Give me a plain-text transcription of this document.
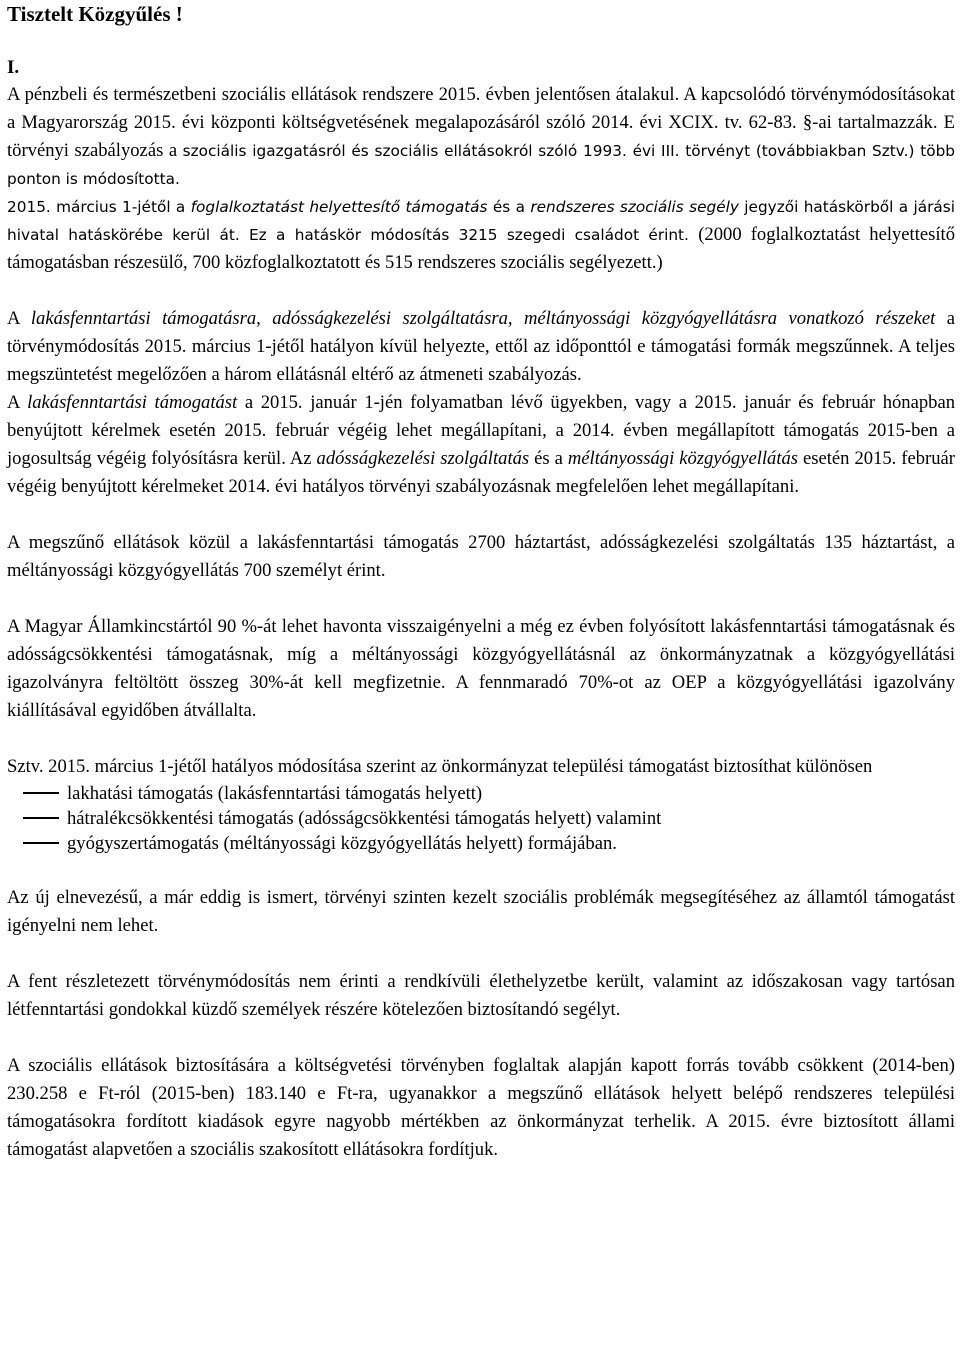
Tisztelt Közgyűlés !
I.

A pénzbeli és természetbeni szociális ellátások rendszere 2015. évben jelentősen átalakul. A kapcsolódó törvénymódosításokat a Magyarország 2015. évi központi költségvetésének megalapozásáról szóló 2014. évi XCIX. tv. 62-83. §-ai tartalmazzák. E törvényi szabályozás a szociális igazgatásról és szociális ellátásokról szóló 1993. évi III. törvényt (továbbiakban Sztv.) több ponton is módosította.

2015. március 1-jétől a foglalkoztatást helyettesítő támogatás és a rendszeres szociális segély jegyzői hatáskörből a járási hivatal hatáskörébe kerül át. Ez a hatáskör módosítás 3215 szegedi családot érint. (2000 foglalkoztatást helyettesítő támogatásban részesülő, 700 közfoglalkoztatott és 515 rendszeres szociális segélyezett.)

A lakásfenntartási támogatásra, adósságkezelési szolgáltatásra, méltányossági közgyógyellátásra vonatkozó részeket a törvénymódosítás 2015. március 1-jétől hatályon kívül helyezte, ettől az időponttól e támogatási formák megszűnnek. A teljes megszüntetést megelőzően a három ellátásnál eltérő az átmeneti szabályozás.

A lakásfenntartási támogatást a 2015. január 1-jén folyamatban lévő ügyekben, vagy a 2015. január és február hónapban benyújtott kérelmek esetén 2015. február végéig lehet megállapítani, a 2014. évben megállapított támogatás 2015-ben a jogosultság végéig folyósításra kerül. Az adósságkezelési szolgáltatás és a méltányossági közgyógyellátás esetén 2015. február végéig benyújtott kérelmeket 2014. évi hatályos törvényi szabályozásnak megfelelően lehet megállapítani.

A megszűnő ellátások közül a lakásfenntartási támogatás 2700 háztartást, adósságkezelési szolgáltatás 135 háztartást, a méltányossági közgyógyellátás 700 személyt érint.

A Magyar Államkincstártól 90 %-át lehet havonta visszaigényelni a még ez évben folyósított lakásfenntartási támogatásnak és adósságcsökkentési támogatásnak, míg a méltányossági közgyógyellátásnál az önkormányzatnak a közgyógyellátási igazolványra feltöltött összeg 30%-át kell megfizetnie. A fennmaradó 70%-ot az OEP a közgyógyellátási igazolvány kiállításával egyidőben átvállalta.

Sztv. 2015. március 1-jétől hatályos módosítása szerint az önkormányzat települési támogatást biztosíthat különösen

lakhatási támogatás (lakásfenntartási támogatás helyett)
hátralékcsökkentési támogatás (adósságcsökkentési támogatás helyett) valamint
gyógyszertámogatás (méltányossági közgyógyellátás helyett) formájában.

Az új elnevezésű, a már eddig is ismert, törvényi szinten kezelt szociális problémák megsegítéséhez az államtól támogatást igényelni nem lehet.

A fent részletezett törvénymódosítás nem érinti a rendkívüli élethelyzetbe került, valamint az időszakosan vagy tartósan létfenntartási gondokkal küzdő személyek részére kötelezően biztosítandó segélyt.

A szociális ellátások biztosítására a költségvetési törvényben foglaltak alapján kapott forrás tovább csökkent (2014-ben) 230.258 e Ft-ról (2015-ben) 183.140 e Ft-ra, ugyanakkor a megszűnő ellátások helyett belépő rendszeres települési támogatásokra fordított kiadások egyre nagyobb mértékben az önkormányzat terhelik. A 2015. évre biztosított állami támogatást alapvetően a szociális szakosított ellátásokra fordítjuk.
